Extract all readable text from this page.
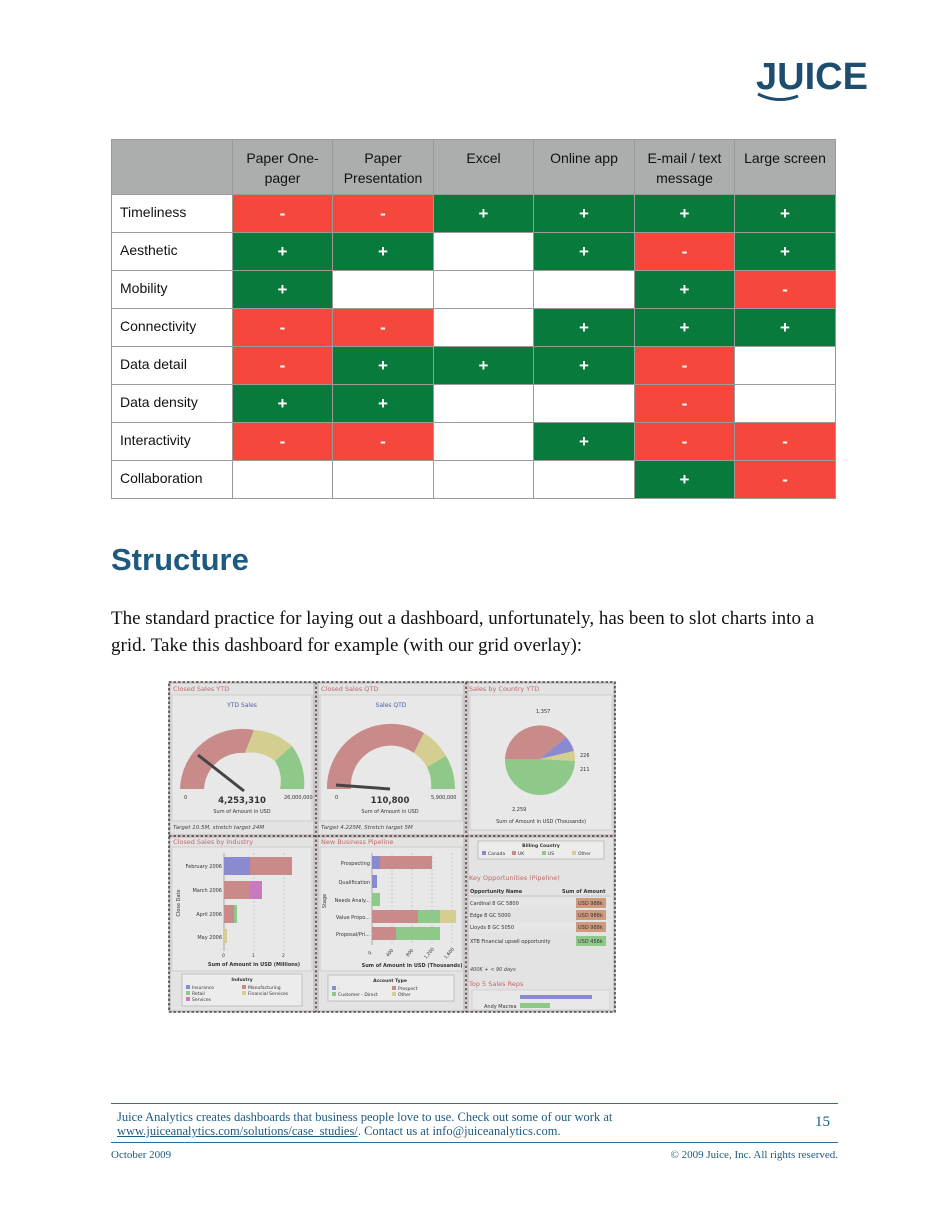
JUICE
	Paper One-
pager	Paper
Presentation	Excel	Online app	E-mail / text
message	Large screen
Timeliness	-	-	+	+	+	+
Aesthetic	+	+		+	-	+
Mobility	+				+	-
Connectivity	-	-		+	+	+
Data detail	-	+	+	+	-	
Data density	+	+			-	
Interactivity	-	-		+	-	-
Collaboration					+	-
Structure

The standard practice for laying out a dashboard, unfortunately, has been to slot charts into a grid. Take this dashboard for example (with our grid overlay):

Closed Sales YTD
YTD Sales
0	26,000,000
4,253,310
Sum of Amount in USD
Target 10.5M, stretch target 24M
Closed Sales QTD
Sales QTD
0	5,900,000
110,800
Sum of Amount in USD
Target 4.225M, Stretch target 5M
Sales by Country YTD
1,357
226
211
2,259
Sum of Amount in USD (Thousands)
Closed Sales by Industry
February 2006
March 2006
April 2006
May 2006
Close Date
0	1	2
Sum of Amount in USD (Millions)
Industry
Insurance	Manufacturing
Retail	Financial Services
Services
New Business Pipeline
Prospecting
Qualification
Needs Analy...
Value Propo...
Proposal/Pri...
Stage
0	400 800 1,200 1,600
Sum of Amount in USD (Thousands)
Account Type
-	Prospect
Customer - Direct	Other
Billing Country
Canada	UK	US	Other
Key Opportunities (Pipeline)
Opportunity Name	Sum of Amount
Cardinal 8 GC 5800	USD 988k
Edge 8 GC 5000	USD 988k
Lloyds 8 GC 5050	USD 988k
XTB Financial upsell opportunity	USD 456k
400K + < 90 days
Top 5 Sales Reps
Andy Macrea
Juice Analytics creates dashboards that business people love to use. Check out some of our work at
www.juiceanalytics.com/solutions/case_studies/. Contact us at info@juiceanalytics.com.
15
October 2009	© 2009 Juice, Inc. All rights reserved.
